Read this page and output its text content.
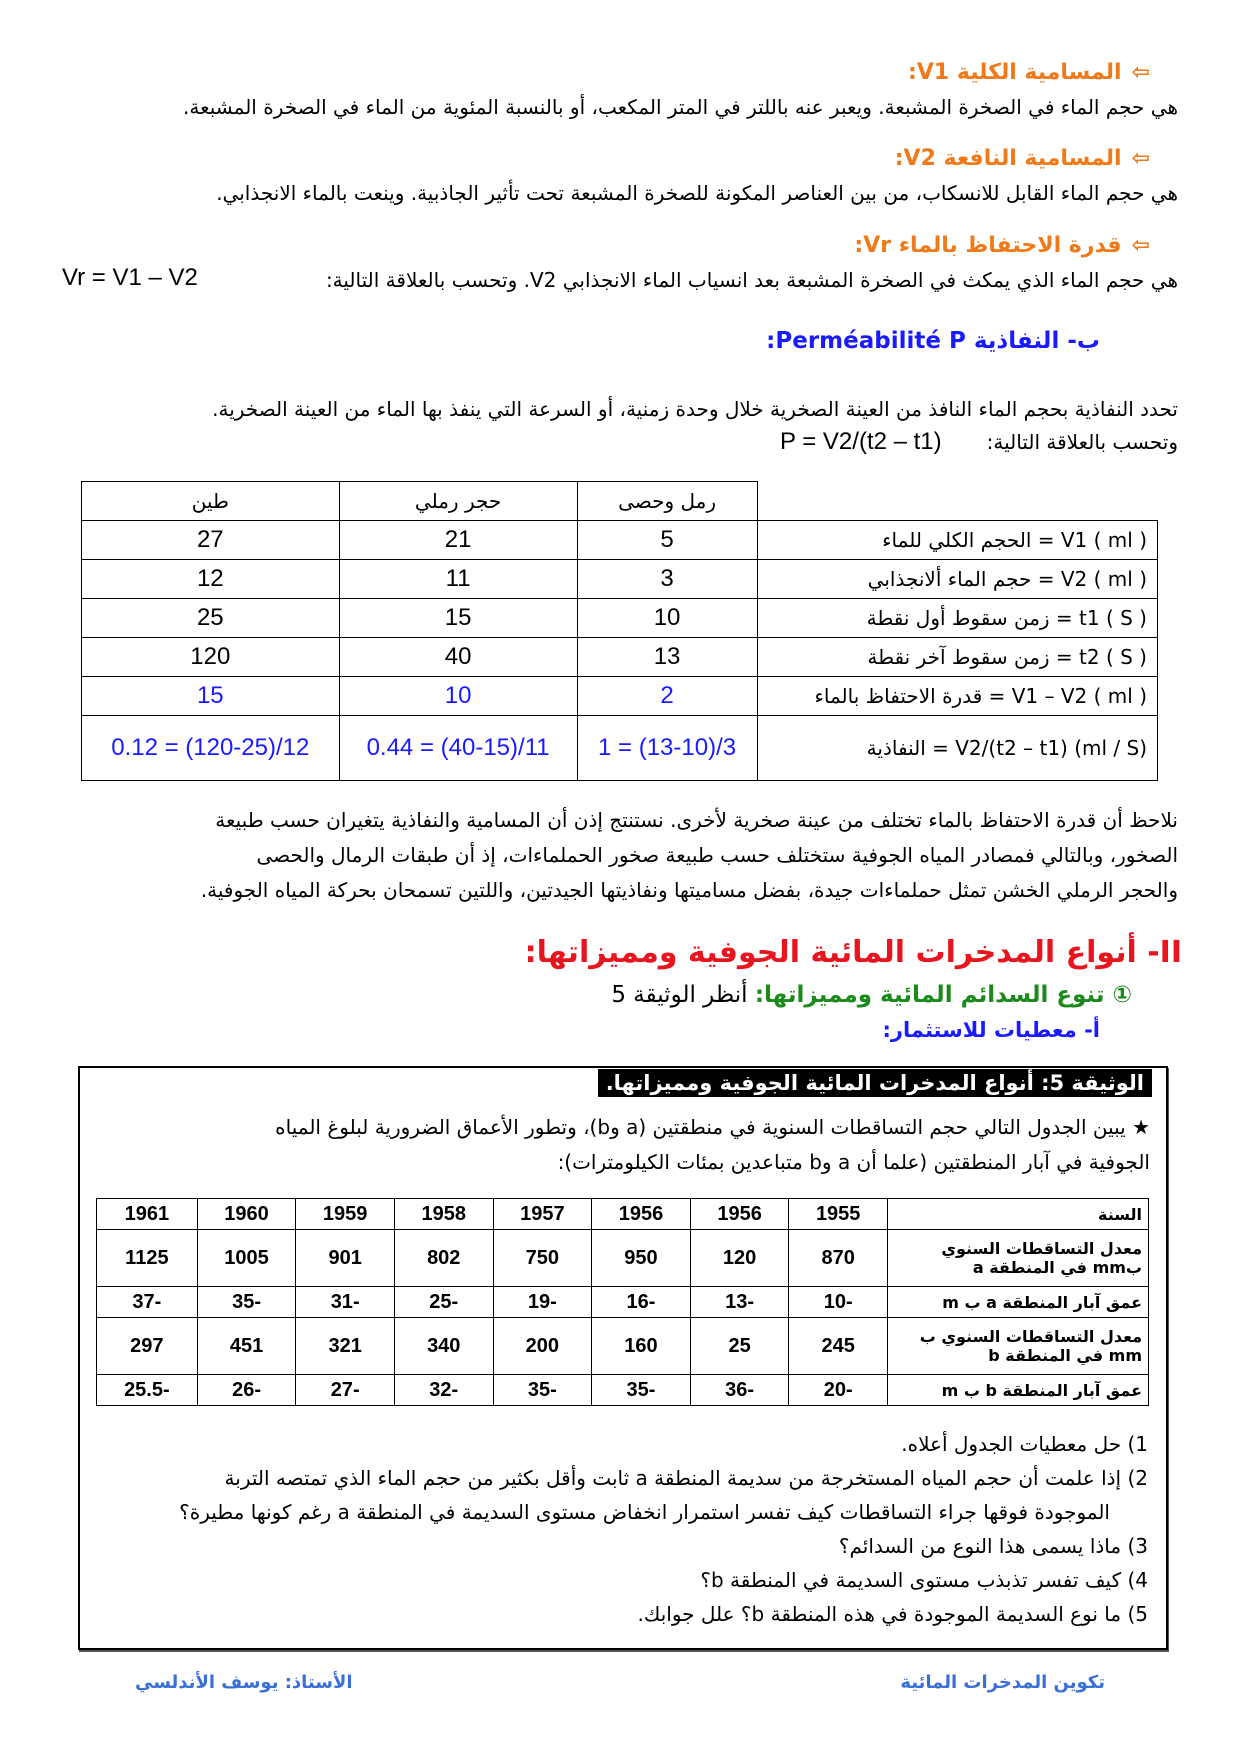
⇦المسامية الكلية V1:
هي حجم الماء في الصخرة المشبعة. ويعبر عنه باللتر في المتر المكعب، أو بالنسبة المئوية من الماء في الصخرة المشبعة.
⇦المسامية النافعة V2:
هي حجم الماء القابل للانسكاب، من بين العناصر المكونة للصخرة المشبعة تحت تأثير الجاذبية. وينعت بالماء الانجذابي.
⇦قدرة الاحتفاظ بالماء Vr:
هي حجم الماء الذي يمكث في الصخرة المشبعة بعد انسياب الماء الانجذابي V2. وتحسب بالعلاقة التالية:
Vr = V1 – V2
ب- النفاذية Perméabilité P:
تحدد النفاذية بحجم الماء النافذ من العينة الصخرية خلال وحدة زمنية، أو السرعة التي ينفذ بها الماء من العينة الصخرية.
وتحسب بالعلاقة التالية:
P = V2/(t2 – t1)
	رمل وحصى	حجر رملي	طين
V1 ( ml ) = الحجم الكلي للماء	5	21	27
V2 ( ml ) = حجم الماء ألانجذابي	3	11	12
t1 ( S ) = زمن سقوط أول نقطة	10	15	25
t2 ( S ) = زمن سقوط آخر نقطة	13	40	120
V1 – V2 ( ml ) = قدرة الاحتفاظ بالماء	2	10	15
V2/(t2 – t1) (ml / S) = النفاذية	3/(13-10) = 1	11/(40-15) = 0.44	12/(120-25) = 0.12
نلاحظ أن قدرة الاحتفاظ بالماء تختلف من عينة صخرية لأخرى. نستنتج إذن أن المسامية والنفاذية يتغيران حسب طبيعة
الصخور، وبالتالي فمصادر المياه الجوفية ستختلف حسب طبيعة صخور الحملماءات، إذ أن طبقات الرمال والحصى
والحجر الرملي الخشن تمثل حملماءات جيدة، بفضل مساميتها ونفاذيتها الجيدتين، واللتين تسمحان بحركة المياه الجوفية.
II- أنواع المدخرات المائية الجوفية ومميزاتها:
① تنوع السدائم المائية ومميزاتها: أنظر الوثيقة 5
أ- معطيات للاستثمار:
الوثيقة 5: أنواع المدخرات المائية الجوفية ومميزاتها.
★ يبين الجدول التالي حجم التساقطات السنوية في منطقتين (a وb)، وتطور الأعماق الضرورية لبلوغ المياه
الجوفية في آبار المنطقتين (علما أن a وb متباعدين بمئات الكيلومترات):
السنة	1955	1956	1956	1957	1958	1959	1960	1961
معدل التساقطات السنوي بmm في المنطقة a	870	120	950	750	802	901	1005	1125
عمق آبار المنطقة a ب m	-10	-13	-16	-19	-25	-31	-35	-37
معدل التساقطات السنوي ب mm في المنطقة b	245	25	160	200	340	321	451	297
عمق آبار المنطقة b ب m	-20	-36	-35	-35	-32	-27	-26	-25.5
1) حل معطيات الجدول أعلاه.
2) إذا علمت أن حجم المياه المستخرجة من سديمة المنطقة a ثابت وأقل بكثير من حجم الماء الذي تمتصه التربة
الموجودة فوقها جراء التساقطات كيف تفسر استمرار انخفاض مستوى السديمة في المنطقة a رغم كونها مطيرة؟
3) ماذا يسمى هذا النوع من السدائم؟
4) كيف تفسر تذبذب مستوى السديمة في المنطقة b؟
5) ما نوع السديمة الموجودة في هذه المنطقة b؟ علل جوابك.
تكوين المدخرات المائية
الأستاذ: يوسف الأندلسي
